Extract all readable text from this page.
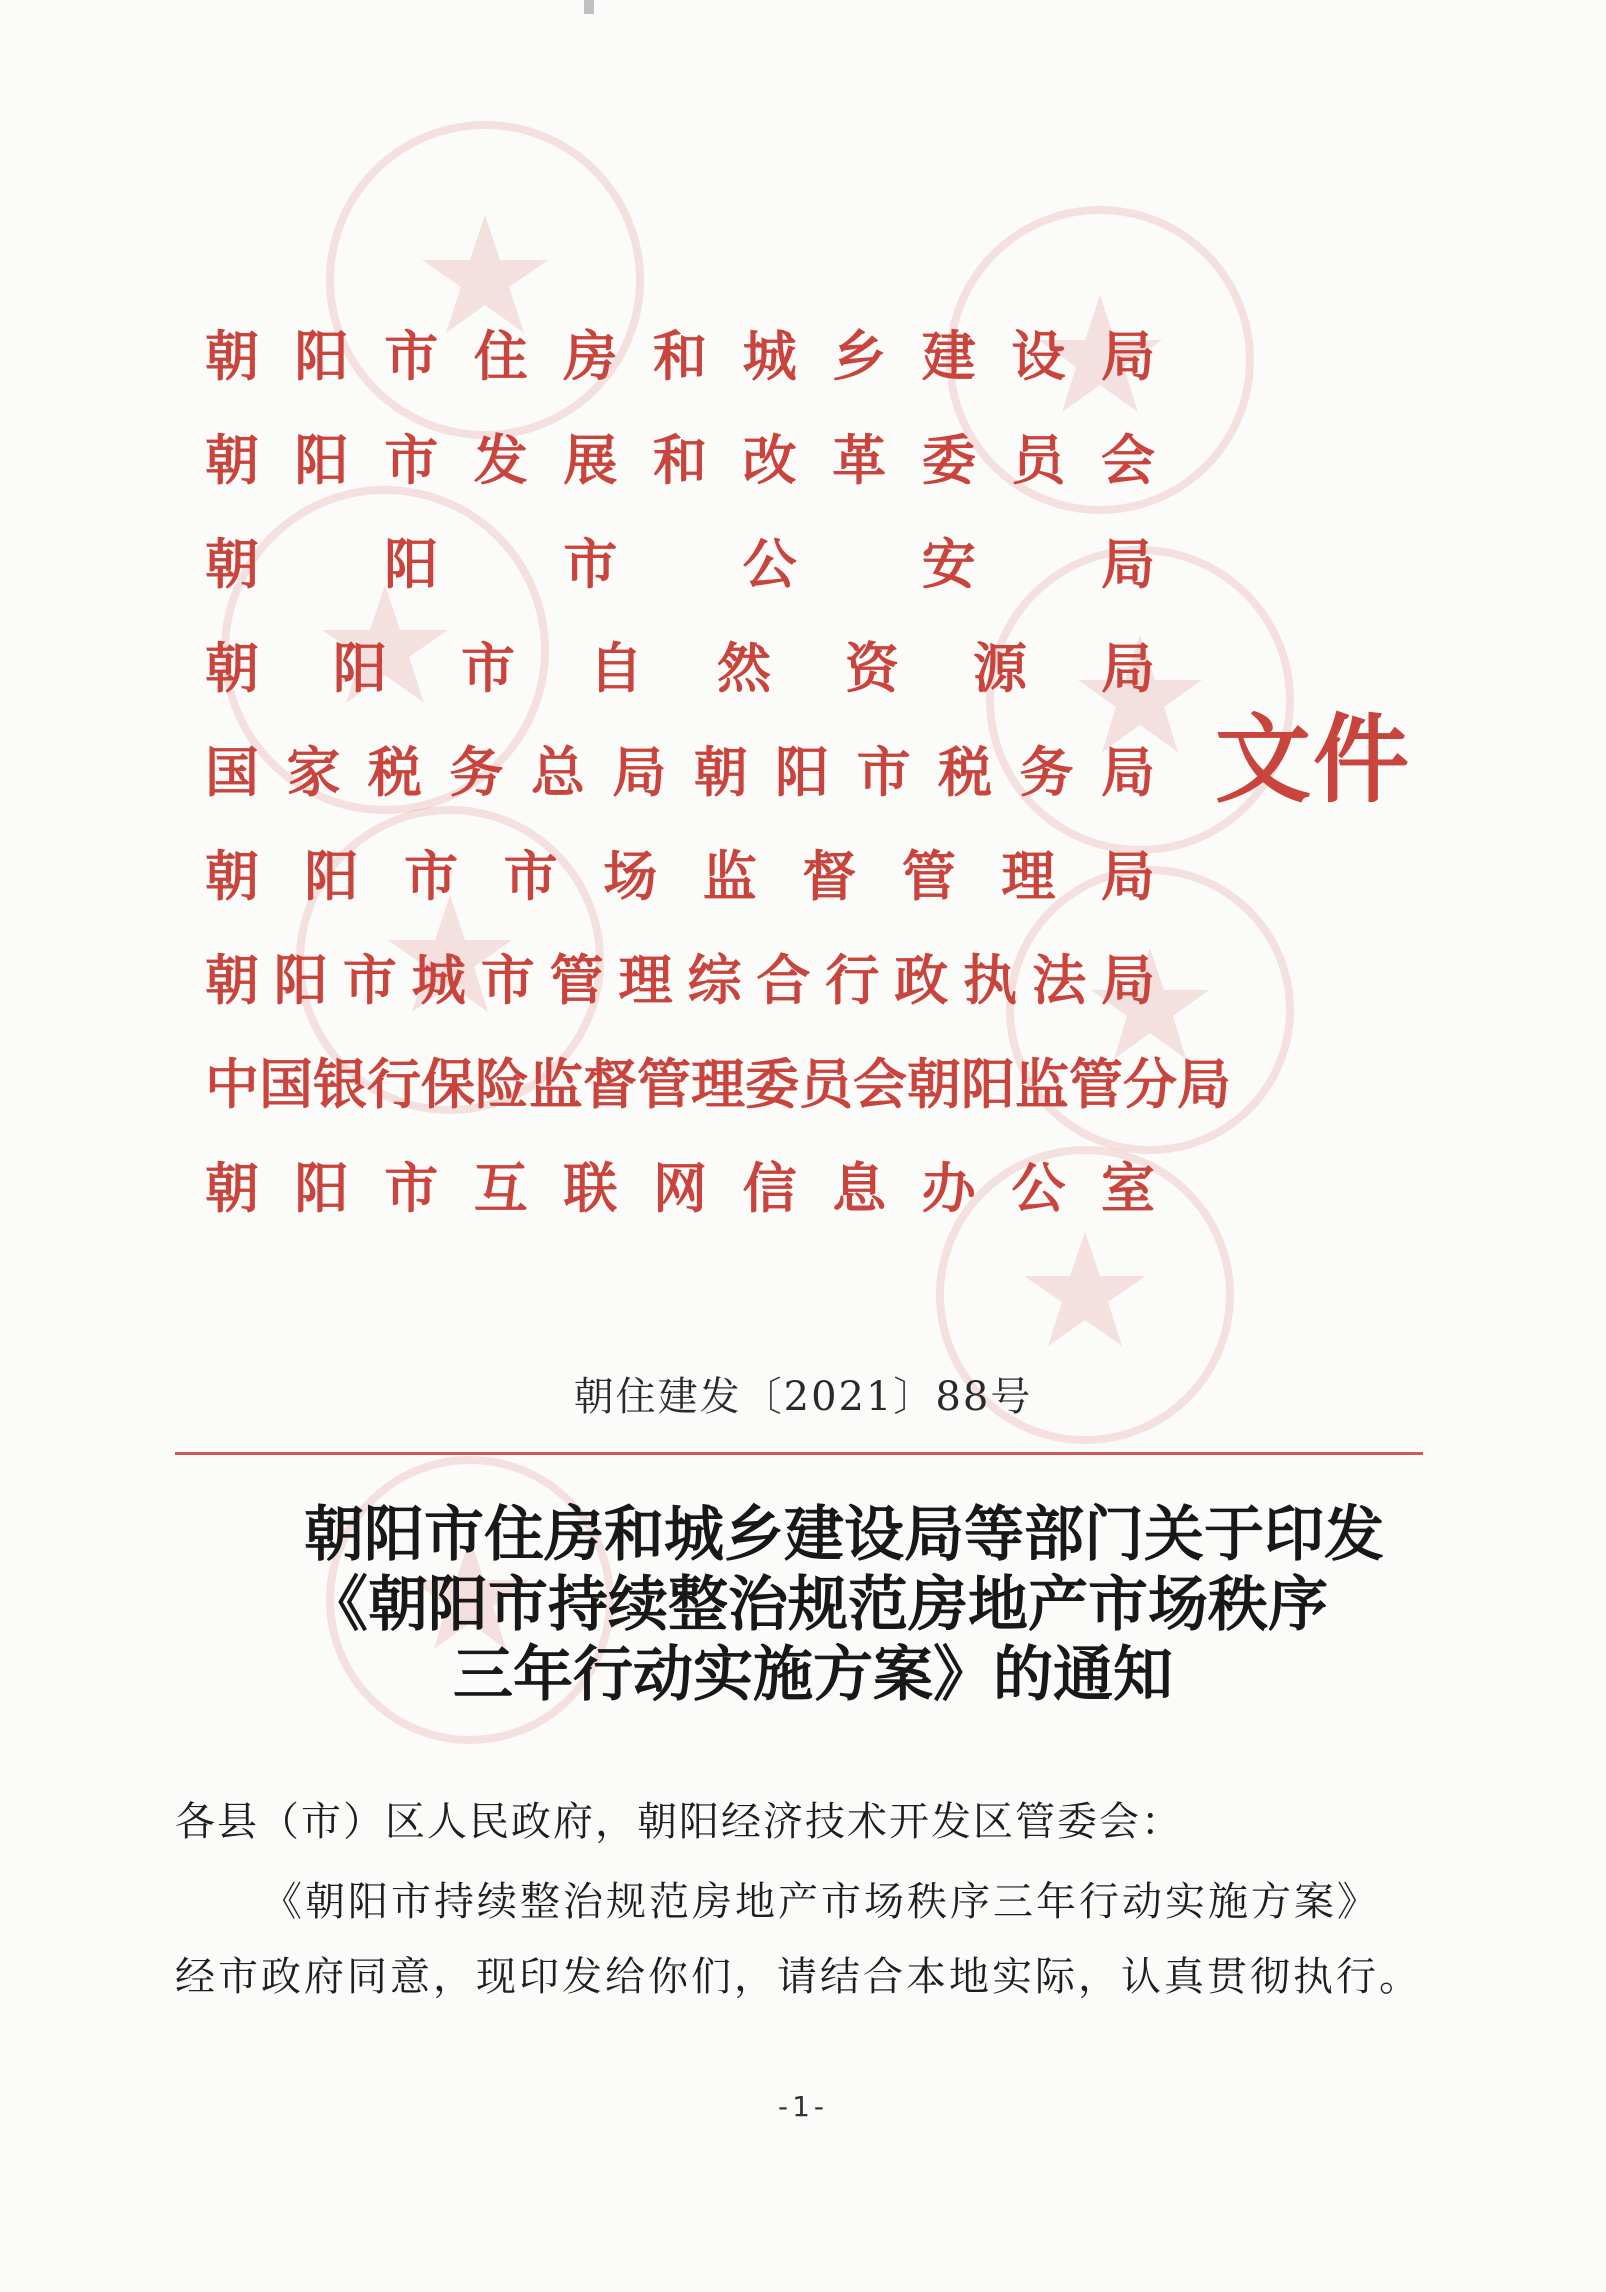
朝 阳 市 住 房 和 城 乡 建 设 局
朝 阳 市 发 展 和 改 革 委 员 会
朝 阳 市 公 安 局
朝 阳 市 自 然 资 源 局
国 家 税 务 总 局 朝 阳 市 税 务 局
朝 阳 市 市 场 监 督 管 理 局
朝 阳 市 城 市 管 理 综 合 行 政 执 法 局
中 国 银 行 保 险 监 督 管 理 委 员 会 朝 阳 监 管 分 局
朝 阳 市 互 联 网 信 息 办 公 室
文件
朝住建发〔2021〕88号
朝阳市住房和城乡建设局等部门关于印发
《朝阳市持续整治规范房地产市场秩序
三年行动实施方案》的通知
各县（市）区人民政府，朝阳经济技术开发区管委会：
《朝阳市持续整治规范房地产市场秩序三年行动实施方案》
经市政府同意，现印发给你们，请结合本地实际，认真贯彻执行。
-1-
